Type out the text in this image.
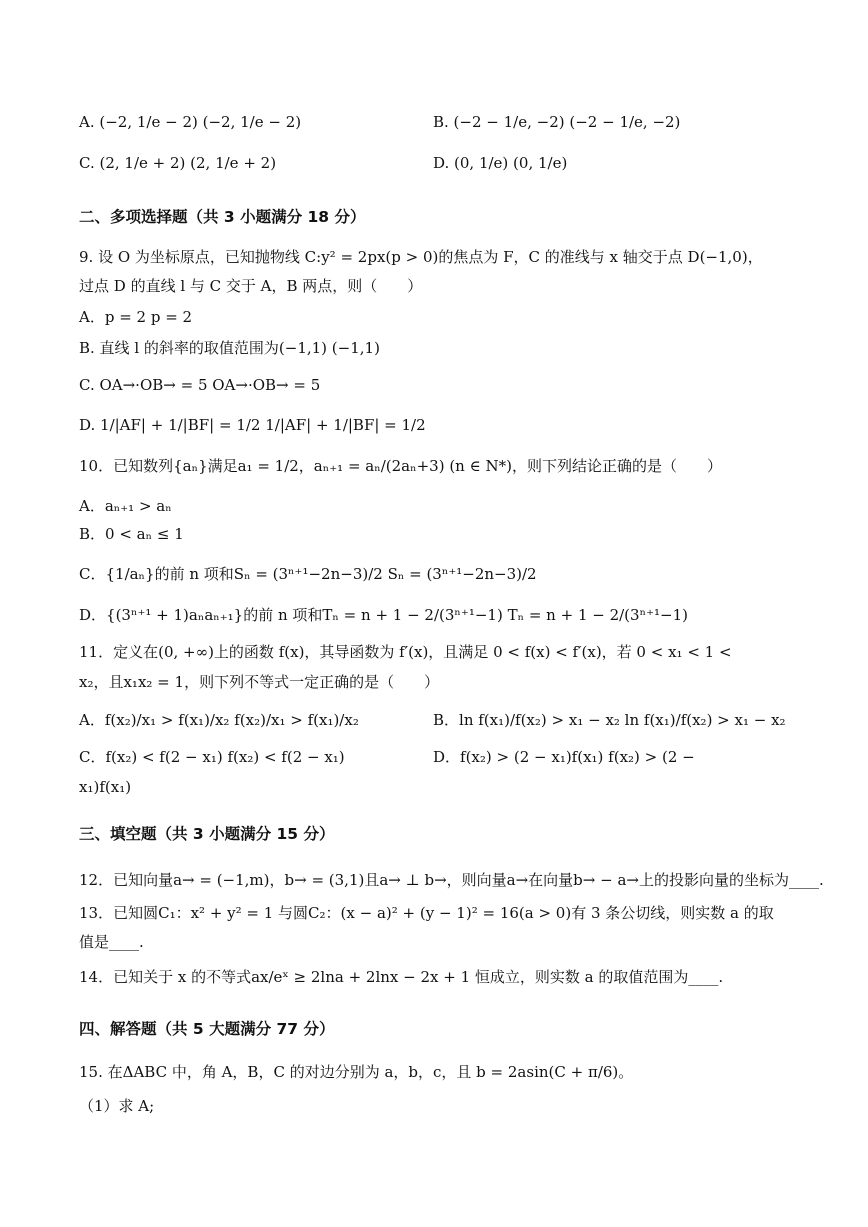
A. (−2, 1/e − 2) (−2, 1/e − 2)	B. (−2 − 1/e, −2) (−2 − 1/e, −2)
C. (2, 1/e + 2) (2, 1/e + 2)	D. (0, 1/e) (0, 1/e)
二、多项选择题（共 3 小题满分 18 分）
9. 设 O 为坐标原点，已知抛物线 C:y² = 2px(p > 0)的焦点为 F，C 的准线与 x 轴交于点 D(−1,0)，
过点 D 的直线 l 与 C 交于 A，B 两点，则（　　）
A．p = 2 p = 2
B. 直线 l 的斜率的取值范围为(−1,1) (−1,1)
C. OA→·OB→ = 5 OA→·OB→ = 5
D. 1/|AF| + 1/|BF| = 1/2 1/|AF| + 1/|BF| = 1/2
10．已知数列{aₙ}满足a₁ = 1/2，aₙ₊₁ = aₙ/(2aₙ+3) (n ∈ N*)，则下列结论正确的是（　　）
A．aₙ₊₁ > aₙ
B．0 < aₙ ≤ 1
C．{1/aₙ}的前 n 项和Sₙ = (3ⁿ⁺¹−2n−3)/2 Sₙ = (3ⁿ⁺¹−2n−3)/2
D．{(3ⁿ⁺¹ + 1)aₙaₙ₊₁}的前 n 项和Tₙ = n + 1 − 2/(3ⁿ⁺¹−1) Tₙ = n + 1 − 2/(3ⁿ⁺¹−1)
11．定义在(0, +∞)上的函数 f(x)，其导函数为 f′(x)，且满足 0 < f(x) < f′(x)，若 0 < x₁ < 1 <
x₂，且x₁x₂ = 1，则下列不等式一定正确的是（　　）
A．f(x₂)/x₁ > f(x₁)/x₂ f(x₂)/x₁ > f(x₁)/x₂	B．ln f(x₁)/f(x₂) > x₁ − x₂ ln f(x₁)/f(x₂) > x₁ − x₂
C．f(x₂) < f(2 − x₁) f(x₂) < f(2 − x₁)	D．f(x₂) > (2 − x₁)f(x₁) f(x₂) > (2 −
x₁)f(x₁)
三、填空题（共 3 小题满分 15 分）
12．已知向量a→ = (−1,m)，b→ = (3,1)且a→ ⊥ b→，则向量a→在向量b→ − a→上的投影向量的坐标为____.
13．已知圆C₁：x² + y² = 1 与圆C₂：(x − a)² + (y − 1)² = 16(a > 0)有 3 条公切线，则实数 a 的取
值是____.
14．已知关于 x 的不等式ax/eˣ ≥ 2lna + 2lnx − 2x + 1 恒成立，则实数 a 的取值范围为____.
四、解答题（共 5 大题满分 77 分）
15. 在ΔABC 中，角 A，B，C 的对边分别为 a，b，c，且 b = 2asin(C + π/6)。
（1）求 A;
